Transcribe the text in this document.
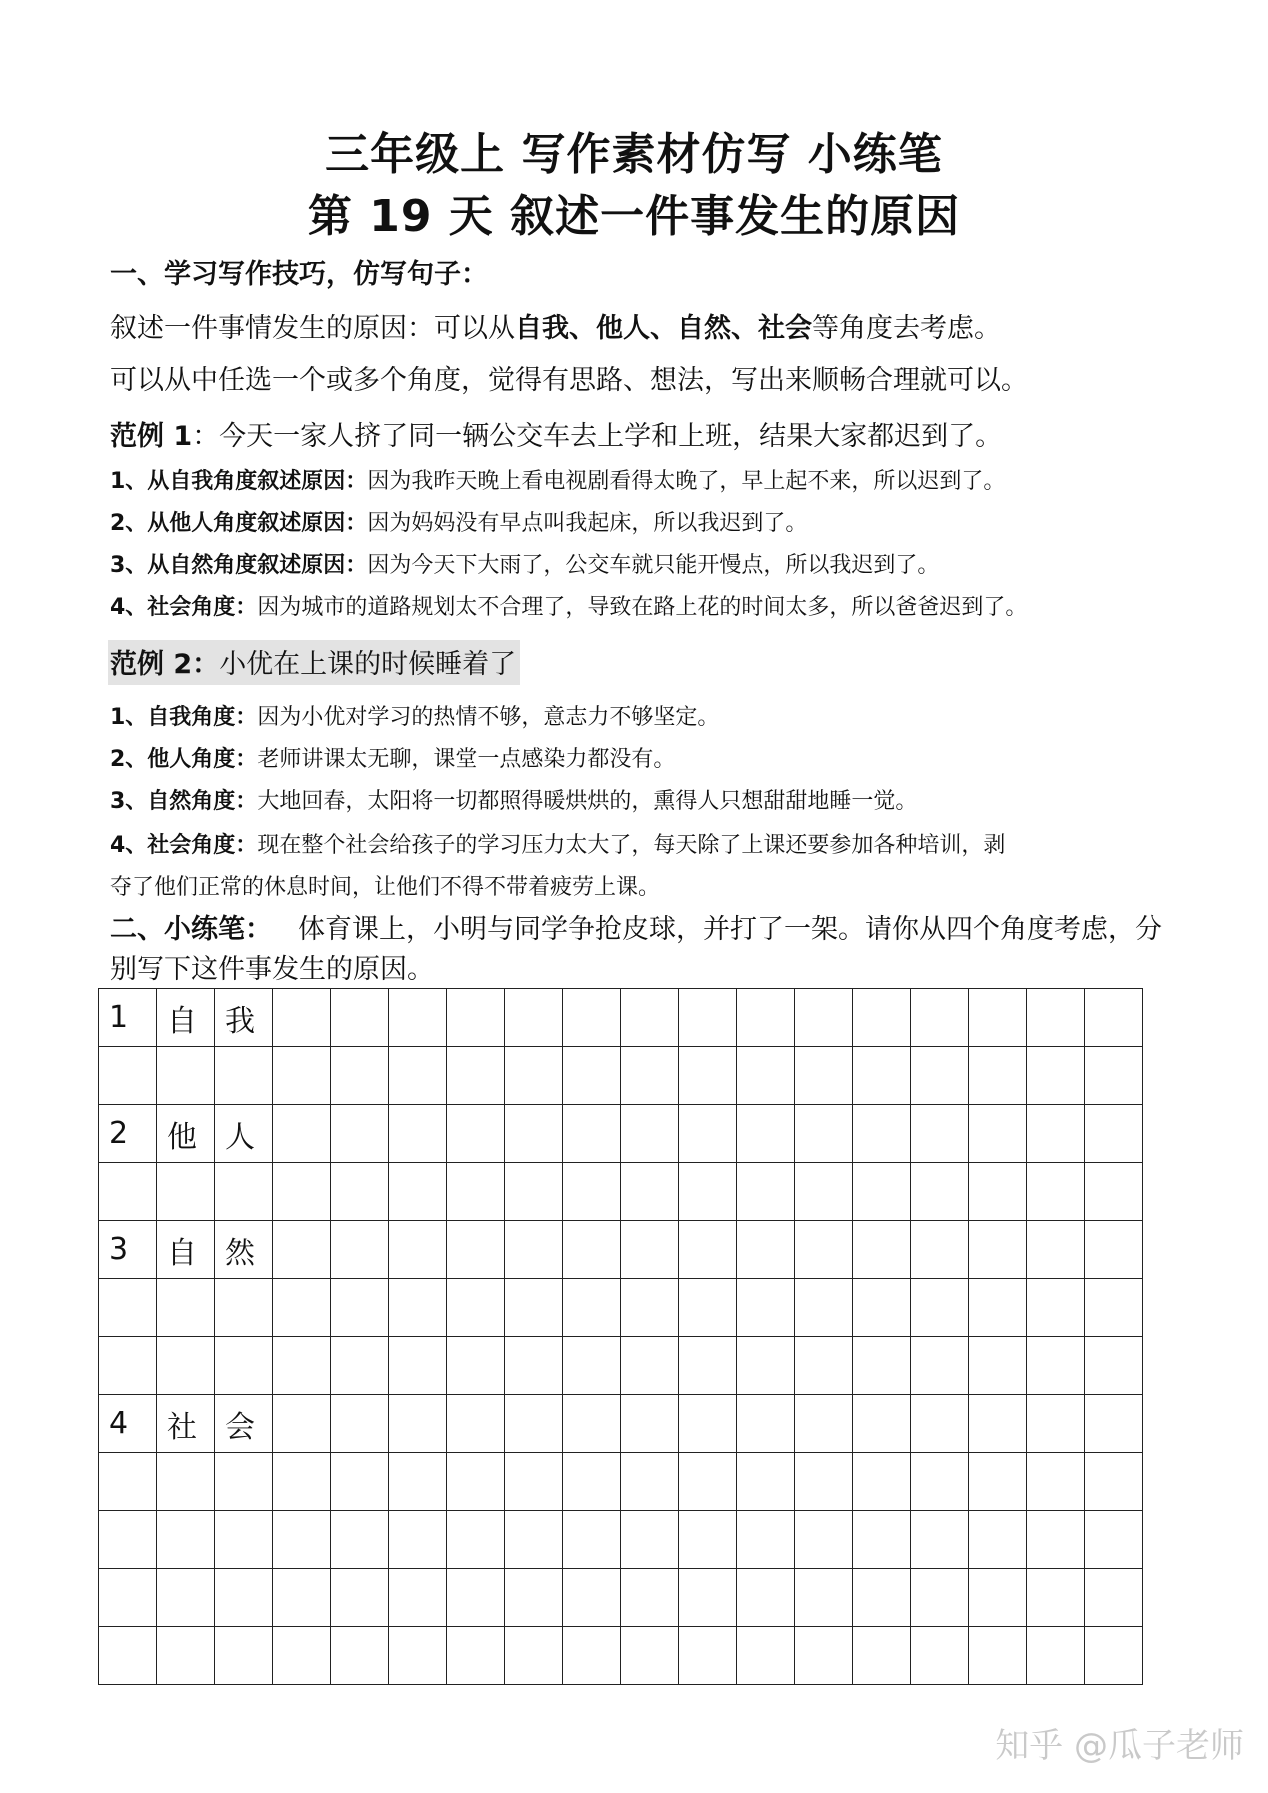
三年级上 写作素材仿写 小练笔
第 19 天 叙述一件事发生的原因
一、学习写作技巧，仿写句子：
叙述一件事情发生的原因：可以从自我、他人、自然、社会等角度去考虑。
可以从中任选一个或多个角度，觉得有思路、想法，写出来顺畅合理就可以。
范例 1：今天一家人挤了同一辆公交车去上学和上班，结果大家都迟到了。
1、从自我角度叙述原因：因为我昨天晚上看电视剧看得太晚了，早上起不来，所以迟到了。
2、从他人角度叙述原因：因为妈妈没有早点叫我起床，所以我迟到了。
3、从自然角度叙述原因：因为今天下大雨了，公交车就只能开慢点，所以我迟到了。
4、社会角度：因为城市的道路规划太不合理了，导致在路上花的时间太多，所以爸爸迟到了。
范例 2：小优在上课的时候睡着了
1、自我角度：因为小优对学习的热情不够，意志力不够坚定。
2、他人角度：老师讲课太无聊，课堂一点感染力都没有。
3、自然角度：大地回春，太阳将一切都照得暖烘烘的，熏得人只想甜甜地睡一觉。
4、社会角度：现在整个社会给孩子的学习压力太大了，每天除了上课还要参加各种培训，剥
夺了他们正常的休息时间，让他们不得不带着疲劳上课。
二、小练笔： 体育课上，小明与同学争抢皮球，并打了一架。请你从四个角度考虑，分别写下这件事发生的原因。
1	自	我															

2	他	人															

3	自	然															

4	社	会															

知乎 @瓜子老师
